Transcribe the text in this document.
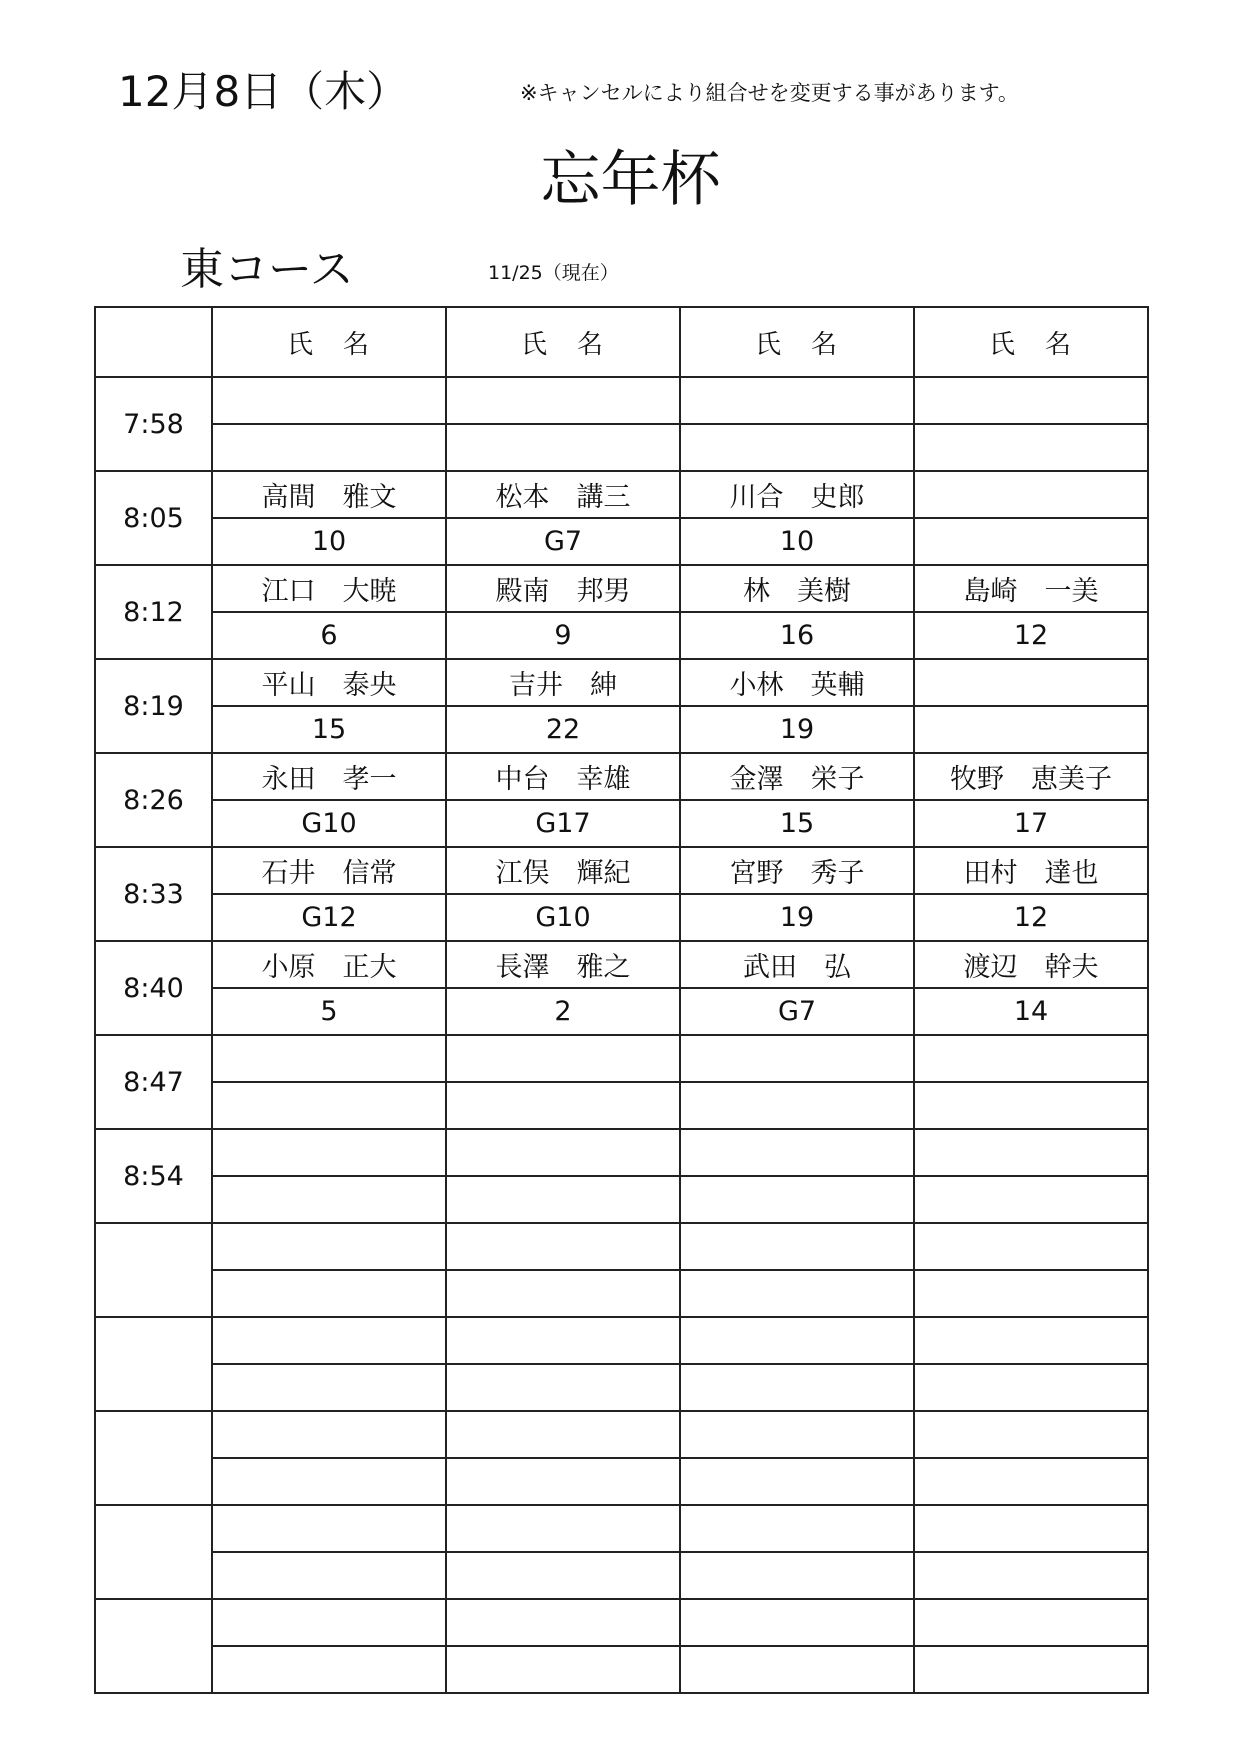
12月8日（木）	※キャンセルにより組合せを変更する事があります。
忘年杯
東コース	11/25（現在）
	氏　名	氏　名	氏　名	氏　名
7:58				

8:05	高間　雅文	松本　講三	川合　史郎	
	10	G7	10	
8:12	江口　大暁	殿南　邦男	林　美樹	島崎　一美
	6	9	16	12
8:19	平山　泰央	吉井　紳	小林　英輔	
	15	22	19	
8:26	永田　孝一	中台　幸雄	金澤　栄子	牧野　恵美子
	G10	G17	15	17
8:33	石井　信常	江俣　輝紀	宮野　秀子	田村　達也
	G12	G10	19	12
8:40	小原　正大	長澤　雅之	武田　弘	渡辺　幹夫
	5	2	G7	14
8:47				

8:54				
